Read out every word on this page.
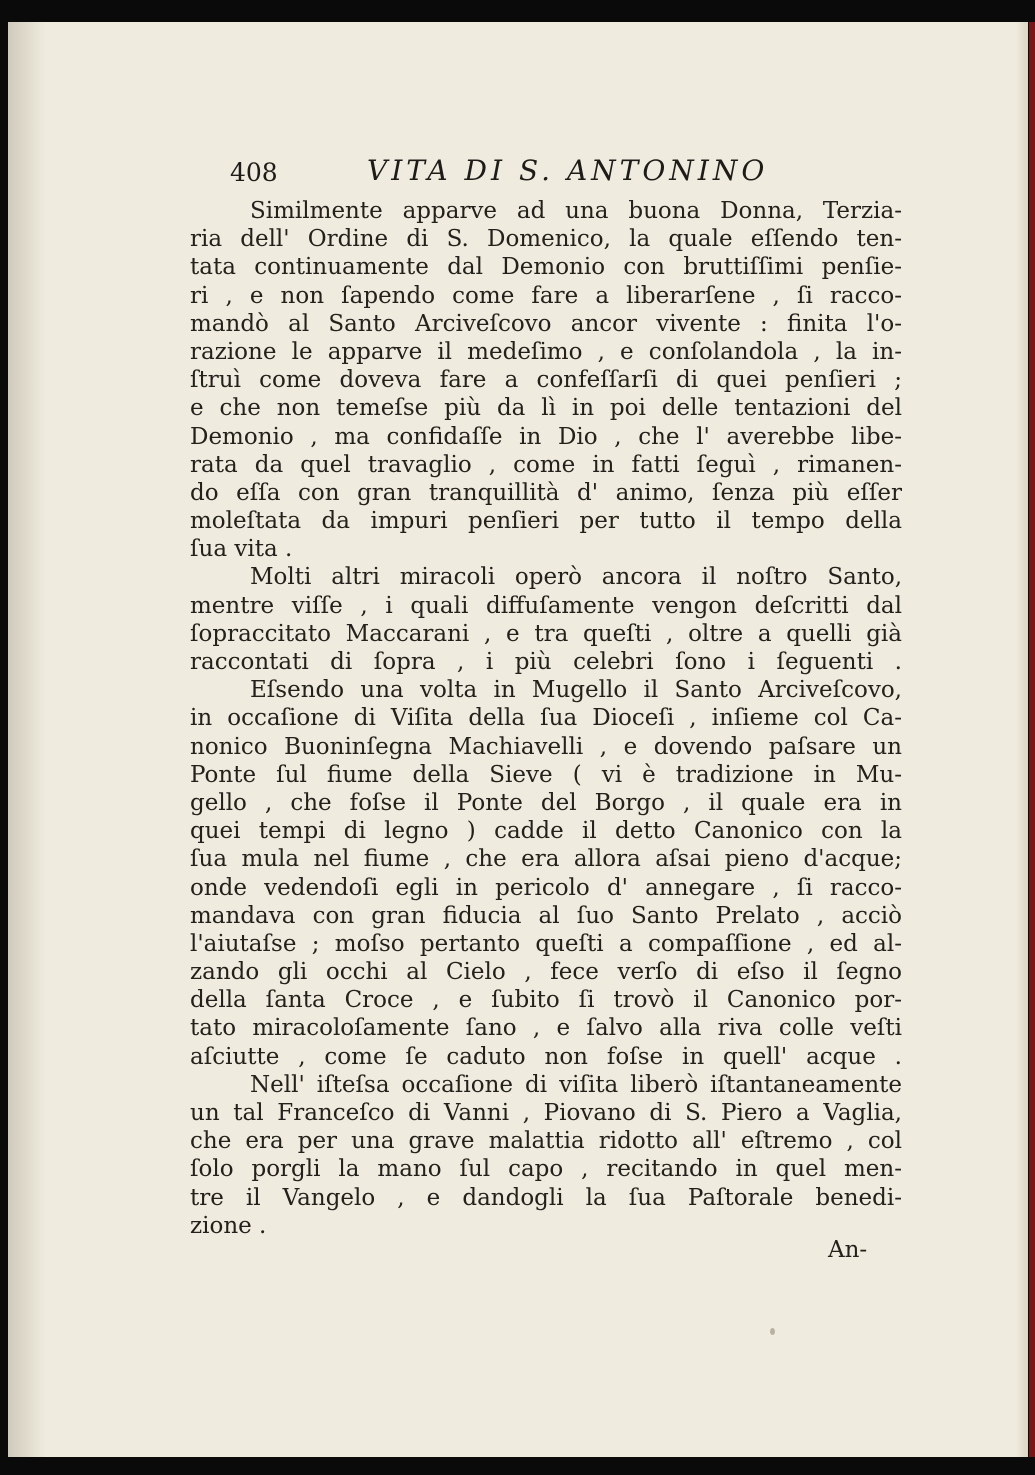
408	VITA DI S. ANTONINO
Similmente apparve ad una buona Donna, Terzia-
ria dell' Ordine di S. Domenico, la quale eſſendo ten-
tata continuamente dal Demonio con bruttiſſimi penſie-
ri , e non ſapendo come fare a liberarſene , ſi racco-
mandò al Santo Arciveſcovo ancor vivente : finita l'o-
razione le apparve il medeſimo , e conſolandola , la in-
ſtruì come doveva fare a confeſſarſi di quei penſieri ;
e che non temeſse più da lì in poi delle tentazioni del
Demonio , ma confidaſſe in Dio , che l' averebbe libe-
rata da quel travaglio , come in fatti ſeguì , rimanen-
do eſſa con gran tranquillità d' animo, ſenza più eſſer
moleſtata da impuri penſieri per tutto il tempo della
ſua vita .
Molti altri miracoli operò ancora il noſtro Santo,
mentre viſſe , i quali diffuſamente vengon deſcritti dal
ſopraccitato Maccarani , e tra queſti , oltre a quelli già
raccontati di ſopra , i più celebri ſono i ſeguenti .
Eſsendo una volta in Mugello il Santo Arciveſcovo,
in occaſione di Viſita della ſua Dioceſi , inſieme col Ca-
nonico Buoninſegna Machiavelli , e dovendo paſsare un
Ponte ſul fiume della Sieve ( vi è tradizione in Mu-
gello , che foſse il Ponte del Borgo , il quale era in
quei tempi di legno ) cadde il detto Canonico con la
ſua mula nel fiume , che era allora aſsai pieno d'acque;
onde vedendoſi egli in pericolo d' annegare , ſi racco-
mandava con gran fiducia al ſuo Santo Prelato , acciò
l'aiutaſse ; moſso pertanto queſti a compaſſione , ed al-
zando gli occhi al Cielo , fece verſo di eſso il ſegno
della ſanta Croce , e ſubito ſi trovò il Canonico por-
tato miracoloſamente ſano , e ſalvo alla riva colle veſti
aſciutte , come ſe caduto non foſse in quell' acque .
Nell' iſteſsa occaſione di viſita liberò iſtantaneamente
un tal Franceſco di Vanni , Piovano di S. Piero a Vaglia,
che era per una grave malattia ridotto all' eſtremo , col
ſolo porgli la mano ſul capo , recitando in quel men-
tre il Vangelo , e dandogli la ſua Paſtorale benedi-
zione .
An-
